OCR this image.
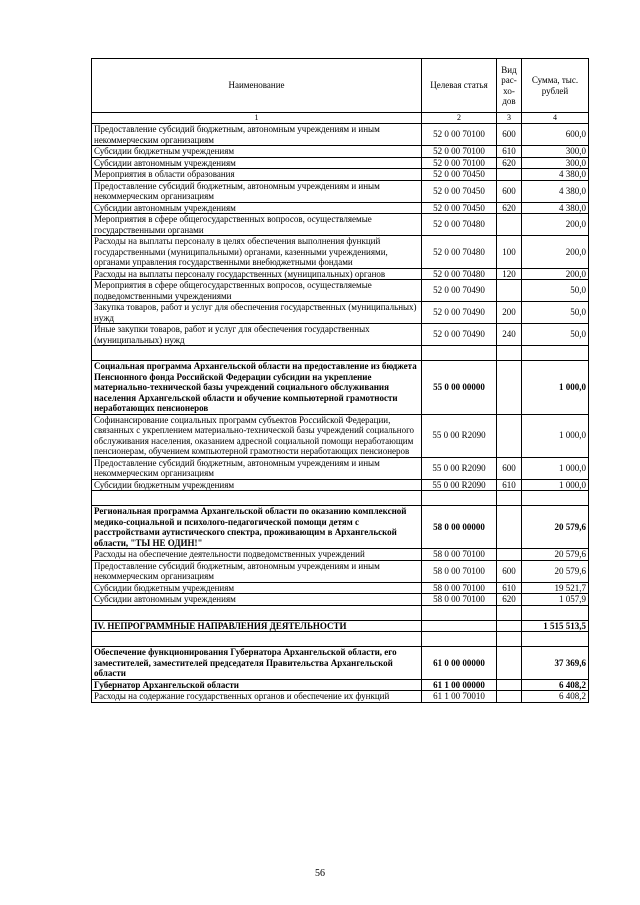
Наименование	Целевая статья	Вид рас-хо-дов	Сумма, тыс. рублей
1	2	3	4
Предоставление субсидий бюджетным, автономным учреждениям и иным некоммерческим организациям	52 0 00 70100	600	600,0
Субсидии бюджетным учреждениям	52 0 00 70100	610	300,0
Субсидии автономным учреждениям	52 0 00 70100	620	300,0
Мероприятия в области образования	52 0 00 70450		4 380,0
Предоставление субсидий бюджетным, автономным учреждениям и иным некоммерческим организациям	52 0 00 70450	600	4 380,0
Субсидии автономным учреждениям	52 0 00 70450	620	4 380,0
Мероприятия в сфере общегосударственных вопросов, осуществляемые государственными органами	52 0 00 70480		200,0
Расходы на выплаты персоналу в целях обеспечения выполнения функций государственными (муниципальными) органами, казенными учреждениями, органами управления государственными внебюджетными фондами	52 0 00 70480	100	200,0
Расходы на выплаты персоналу государственных (муниципальных) органов	52 0 00 70480	120	200,0
Мероприятия в сфере общегосударственных вопросов, осуществляемые подведомственными учреждениями	52 0 00 70490		50,0
Закупка товаров, работ и услуг для обеспечения государственных (муниципальных) нужд	52 0 00 70490	200	50,0
Иные закупки товаров, работ и услуг для обеспечения государственных (муниципальных) нужд	52 0 00 70490	240	50,0

Социальная программа Архангельской области на предоставление из бюджета Пенсионного фонда Российской Федерации субсидии на укрепление материально-технической базы учреждений социального обслуживания населения Архангельской области и обучение компьютерной грамотности неработающих пенсионеров	55 0 00 00000		1 000,0
Софинансирование социальных программ субъектов Российской Федерации, связанных с укреплением материально-технической базы учреждений социального обслуживания населения, оказанием адресной социальной помощи неработающим пенсионерам, обучением компьютерной грамотности неработающих пенсионеров	55 0 00 R2090		1 000,0
Предоставление субсидий бюджетным, автономным учреждениям и иным некоммерческим организациям	55 0 00 R2090	600	1 000,0
Субсидии бюджетным учреждениям	55 0 00 R2090	610	1 000,0

Региональная программа Архангельской области по оказанию комплексной медико-социальной и психолого-педагогической помощи детям с расстройствами аутистического спектра, проживающим в Архангельской области, "ТЫ НЕ ОДИН!"	58 0 00 00000		20 579,6
Расходы на обеспечение деятельности подведомственных учреждений	58 0 00 70100		20 579,6
Предоставление субсидий бюджетным, автономным учреждениям и иным некоммерческим организациям	58 0 00 70100	600	20 579,6
Субсидии бюджетным учреждениям	58 0 00 70100	610	19 521,7
Субсидии автономным учреждениям	58 0 00 70100	620	1 057,9

IV. НЕПРОГРАММНЫЕ НАПРАВЛЕНИЯ ДЕЯТЕЛЬНОСТИ			1 515 513,5

Обеспечение функционирования Губернатора Архангельской области, его заместителей, заместителей председателя Правительства Архангельской области	61 0 00 00000		37 369,6
Губернатор Архангельской области	61 1 00 00000		6 408,2
Расходы на содержание государственных органов и обеспечение их функций	61 1 00 70010		6 408,2
56
